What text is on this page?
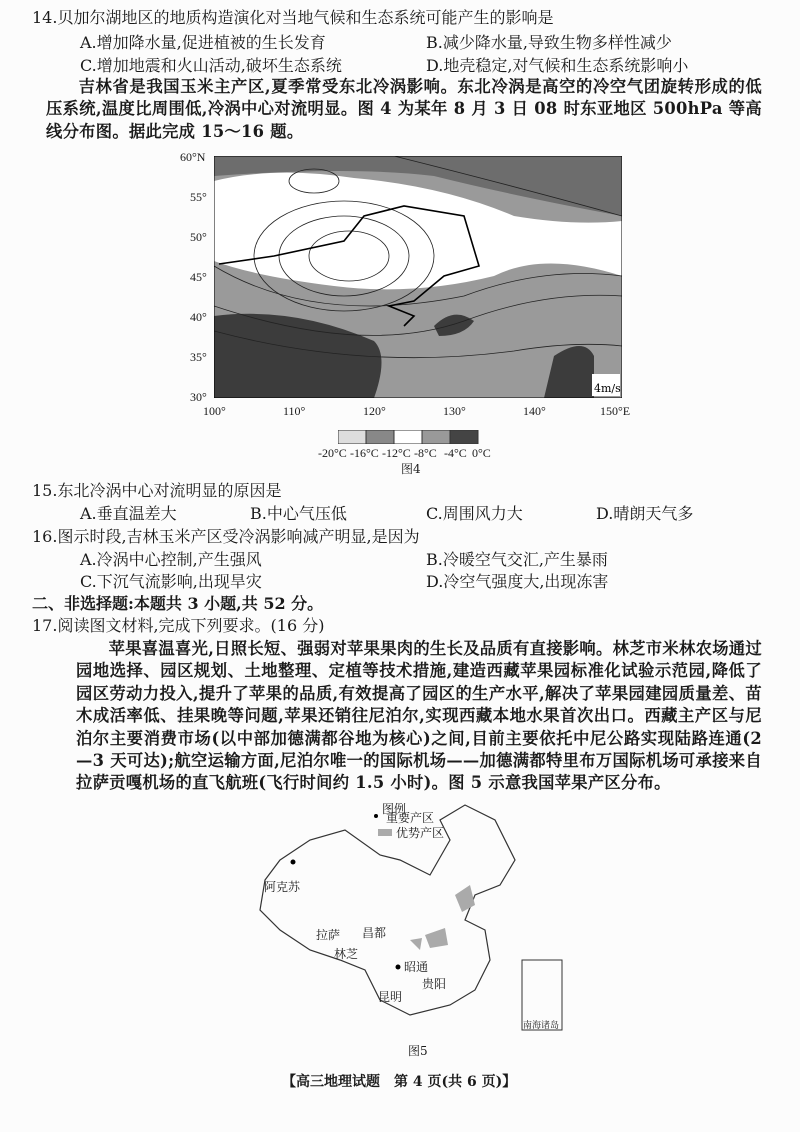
14.贝加尔湖地区的地质构造演化对当地气候和生态系统可能产生的影响是
A.增加降水量,促进植被的生长发育	B.减少降水量,导致生物多样性减少
C.增加地震和火山活动,破坏生态系统	D.地壳稳定,对气候和生态系统影响小
吉林省是我国玉米主产区,夏季常受东北冷涡影响。东北冷涡是高空的冷空气团旋转形成的低压系统,温度比周围低,冷涡中心对流明显。图 4 为某年 8 月 3 日 08 时东亚地区 500hPa 等高线分布图。据此完成 15～16 题。
4m/s
60°N
55°
50°
45°
40°
35°
30°
100°	110°	120°	130°	140°	150°E
-20°C -16°C -12°C -8°C -4°C 0°C
图4
15.东北冷涡中心对流明显的原因是
A.垂直温差大	B.中心气压低	C.周围风力大	D.晴朗天气多
16.图示时段,吉林玉米产区受冷涡影响减产明显,是因为
A.冷涡中心控制,产生强风	B.冷暖空气交汇,产生暴雨
C.下沉气流影响,出现旱灾	D.冷空气强度大,出现冻害
二、非选择题:本题共 3 小题,共 52 分。
17.阅读图文材料,完成下列要求。(16 分)
苹果喜温喜光,日照长短、强弱对苹果果肉的生长及品质有直接影响。林芝市米林农场通过园地选择、园区规划、土地整理、定植等技术措施,建造西藏苹果园标准化试验示范园,降低了园区劳动力投入,提升了苹果的品质,有效提高了园区的生产水平,解决了苹果园建园质量差、苗木成活率低、挂果晚等问题,苹果还销往尼泊尔,实现西藏本地水果首次出口。西藏主产区与尼泊尔主要消费市场(以中部加德满都谷地为核心)之间,目前主要依托中尼公路实现陆路连通(2—3 天可达);航空运输方面,尼泊尔唯一的国际机场——加德满都特里布万国际机场可承接来自拉萨贡嘎机场的直飞航班(飞行时间约 1.5 小时)。图 5 示意我国苹果产区分布。
图例
重要产区
优势产区
阿克苏
拉萨 昌都
林芝
昭通
贵阳
昆明
南海诸岛
图5
【高三地理试题　第 4 页(共 6 页)】
